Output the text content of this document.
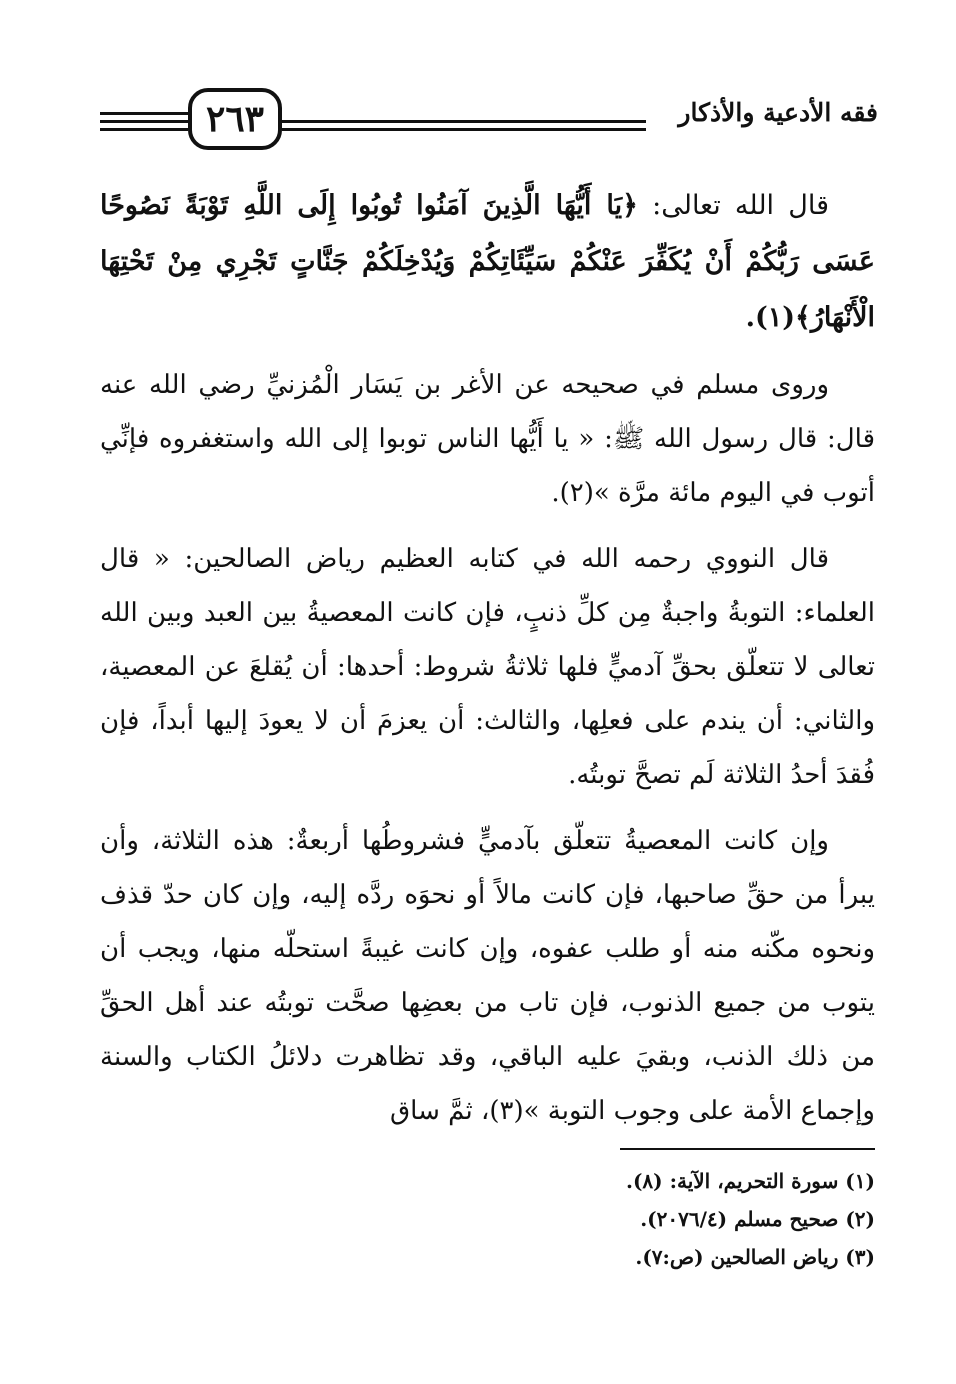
٢٦٣	فقه الأدعية والأذكار

قال الله تعالى: ﴿يَا أَيُّهَا الَّذِينَ آمَنُوا تُوبُوا إِلَى اللَّهِ تَوْبَةً نَصُوحًا عَسَى رَبُّكُمْ أَنْ يُكَفِّرَ عَنْكُمْ سَيِّئَاتِكُمْ وَيُدْخِلَكُمْ جَنَّاتٍ تَجْرِي مِنْ تَحْتِهَا الْأَنْهَارُ﴾(١).

وروى مسلم في صحيحه عن الأغر بن يَسَار الْمُزنيِّ رضي الله عنه قال: قال رسول الله ﷺ: « يا أَيُّها الناس توبوا إلى الله واستغفروه فإنِّي أتوب في اليوم مائة مرَّة »(٢).

قال النووي رحمه الله في كتابه العظيم رياض الصالحين: « قال العلماء: التوبةُ واجبةٌ مِن كلِّ ذنبٍ، فإن كانت المعصيةُ بين العبد وبين الله تعالى لا تتعلّق بحقِّ آدميٍّ فلها ثلاثةُ شروط: أحدها: أن يُقلعَ عن المعصية، والثاني: أن يندم على فعلِها، والثالث: أن يعزمَ أن لا يعودَ إليها أبداً، فإن فُقدَ أحدُ الثلاثة لَم تصحَّ توبتُه.

وإن كانت المعصيةُ تتعلّق بآدميٍّ فشروطُها أربعةٌ: هذه الثلاثة، وأن يبرأ من حقِّ صاحبها، فإن كانت مالاً أو نحوَه ردَّه إليه، وإن كان حدّ قذف ونحوه مكّنه منه أو طلب عفوه، وإن كانت غيبةً استحلّه منها، ويجب أن يتوب من جميع الذنوب، فإن تاب من بعضِها صحَّت توبتُه عند أهل الحقِّ من ذلك الذنب، وبقيَ عليه الباقي، وقد تظاهرت دلائلُ الكتاب والسنة وإجماع الأمة على وجوب التوبة »(٣)، ثمَّ ساق

(١) سورة التحريم، الآية: (٨).
(٢) صحيح مسلم (٢٠٧٦/٤).
(٣) رياض الصالحين (ص:٧).
